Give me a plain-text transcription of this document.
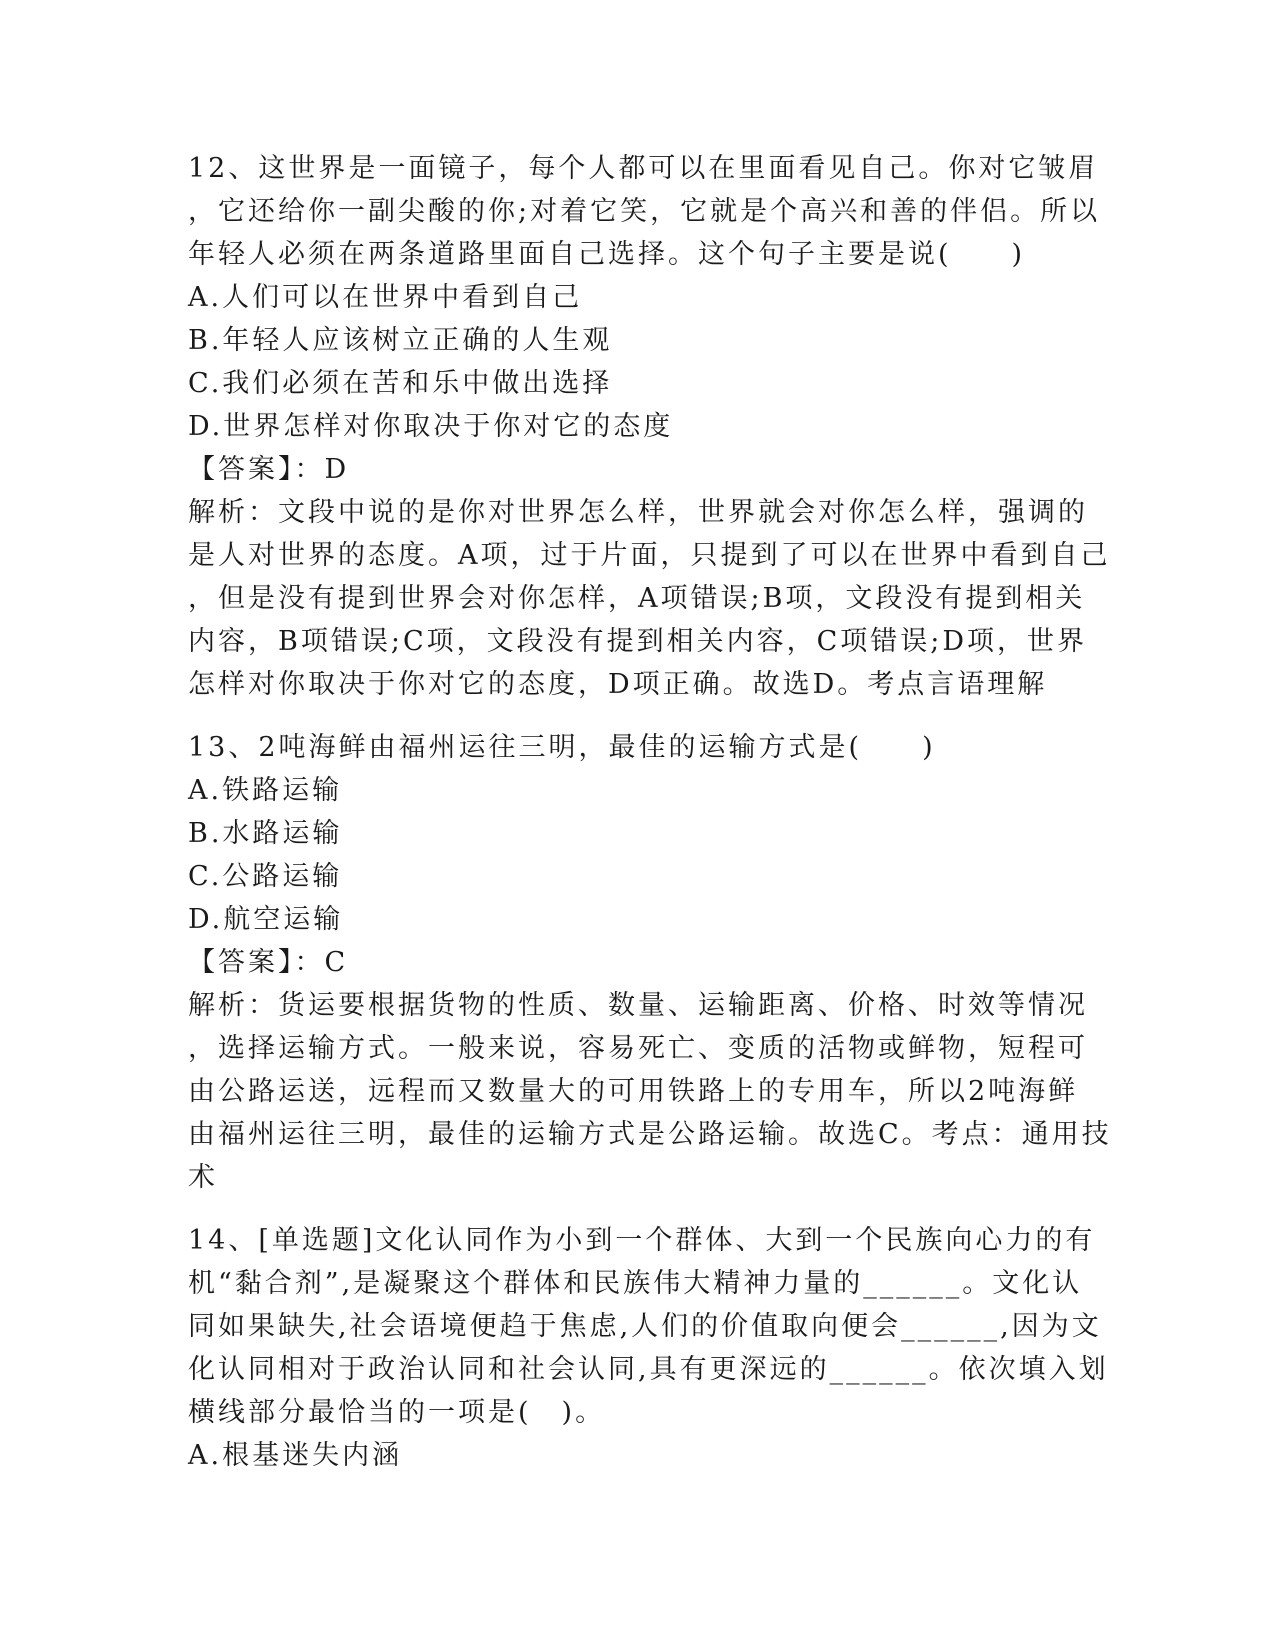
12、这世界是一面镜子，每个人都可以在里面看见自己。你对它皱眉
，它还给你一副尖酸的你;对着它笑，它就是个高兴和善的伴侣。所以
年轻人必须在两条道路里面自己选择。这个句子主要是说(　　)
A.人们可以在世界中看到自己
B.年轻人应该树立正确的人生观
C.我们必须在苦和乐中做出选择
D.世界怎样对你取决于你对它的态度
【答案】：D
解析：文段中说的是你对世界怎么样，世界就会对你怎么样，强调的
是人对世界的态度。A项，过于片面，只提到了可以在世界中看到自己
，但是没有提到世界会对你怎样，A项错误;B项，文段没有提到相关
内容，B项错误;C项，文段没有提到相关内容，C项错误;D项，世界
怎样对你取决于你对它的态度，D项正确。故选D。考点言语理解
13、2吨海鲜由福州运往三明，最佳的运输方式是(　　)
A.铁路运输
B.水路运输
C.公路运输
D.航空运输
【答案】：C
解析：货运要根据货物的性质、数量、运输距离、价格、时效等情况
，选择运输方式。一般来说，容易死亡、变质的活物或鲜物，短程可
由公路运送，远程而又数量大的可用铁路上的专用车，所以2吨海鲜
由福州运往三明，最佳的运输方式是公路运输。故选C。考点：通用技
术
14、[单选题]文化认同作为小到一个群体、大到一个民族向心力的有
机“黏合剂”,是凝聚这个群体和民族伟大精神力量的______。文化认
同如果缺失,社会语境便趋于焦虑,人们的价值取向便会______,因为文
化认同相对于政治认同和社会认同,具有更深远的______。依次填入划
横线部分最恰当的一项是(　)。
A.根基迷失内涵
